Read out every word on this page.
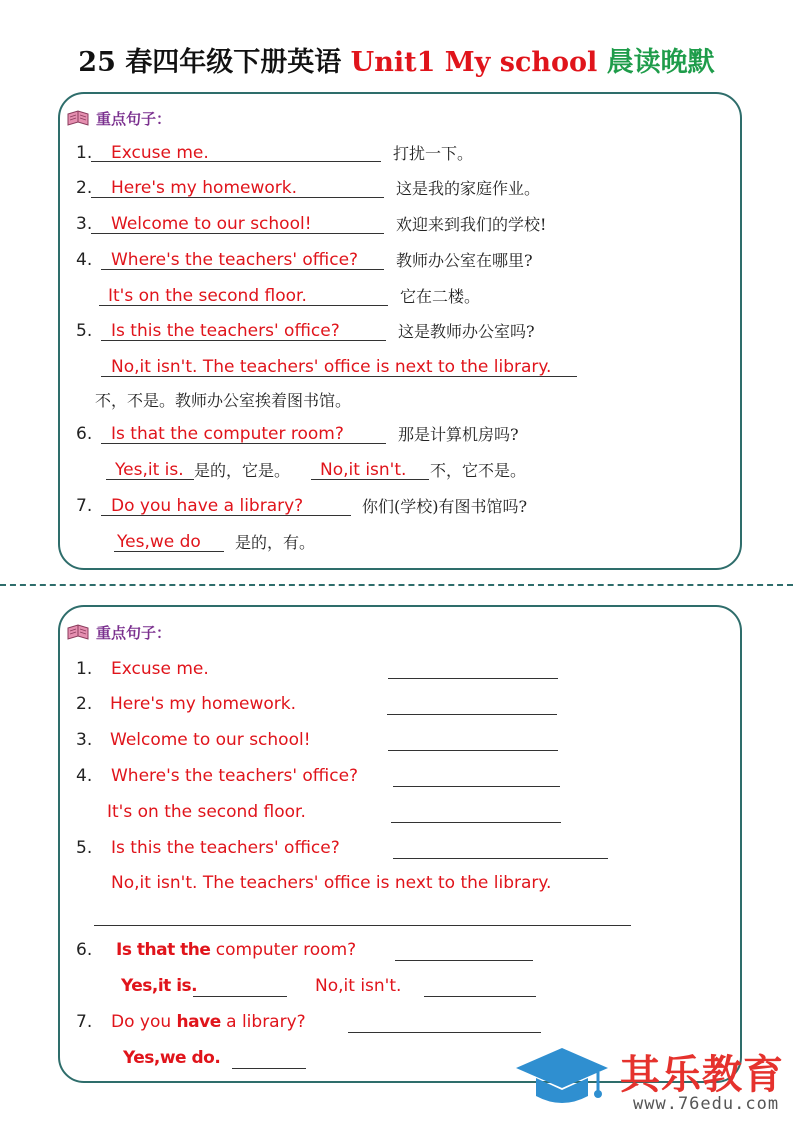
25 春四年级下册英语 Unit1 My school 晨读晚默
重点句子：
1. Excuse me.	打扰一下。
2. Here's my homework.	这是我的家庭作业。
3. Welcome to our school!	欢迎来到我们的学校!
4. Where's the teachers' office? 教师办公室在哪里?
It's on the second floor.	它在二楼。
5. Is this the teachers' office?	这是教师办公室吗?
No,it isn't. The teachers' office is next to the library.
不，不是。教师办公室挨着图书馆。
6. Is that the computer room?	那是计算机房吗?
Yes,it is. 是的，它是。 No,it isn't. 不，它不是。
7. Do you have a library?	你们(学校)有图书馆吗?
Yes,we do 是的，有。
重点句子：
1. Excuse me.
2. Here's my homework.
3. Welcome to our school!
4. Where's the teachers' office?
It's on the second floor.
5. Is this the teachers' office?
No,it isn't. The teachers' office is next to the library.
6. Is that the computer room?
Yes,it is.	No,it isn't.
7. Do you have a library?
Yes,we do.	其乐教育
www.76edu.com
